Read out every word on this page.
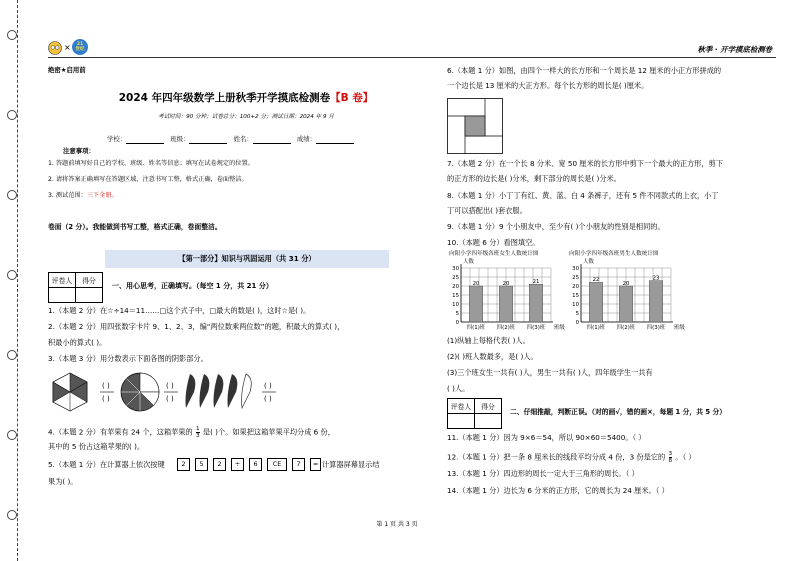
×	21
世纪	秋季 · 开学摸底检测卷
绝密★启用前
2024 年四年级数学上册秋季开学摸底检测卷【B 卷】
考试时间：90 分钟；试卷总分：100+2 分；测试日期：2024 年 9 月
学校：	班级：	姓名：	成绩：
注意事项：
1. 答题前填写好自己的学校、班级、姓名等信息；填写在试卷规定的位置。
2. 请将答案正确填写在答题区域，注意书写工整，格式正确，卷面整洁。
3. 测试范围：三下全册。
卷面（2 分）。我能做到书写工整，格式正确，卷面整洁。
【第一部分】知识与巩固运用（共 31 分）
评卷人	得分

一、用心思考，正确填写。（每空 1 分，共 21 分）
1.（本题 2 分）在☆÷14＝11……□这个式子中，□最大的数是( )，这时☆是( )。
2.（本题 2 分）用四张数字卡片 9、1、2、3，编“两位数乘两位数”的题，积最大的算式( )，
积最小的算式( )。
3.（本题 3 分）用分数表示下面各图的阴影部分。
( )
( )
( )
( )
( )
( )
4.（本题 2 分）有苹果有 24 个，这箱苹果的 $\frac{1}{3}$ 是( )个。如果把这箱苹果平均分成 6 份，
其中的 5 份占这箱苹果的( )。
5.（本题 1 分）在计算器上依次按键	2	5	2	÷	6	CE	7	= 计算器屏幕显示结
果为( )。
6.（本题 1 分）如图，由四个一样大的长方形和一个周长是 12 厘米的小正方形拼成的
一个边长是 13 厘米的大正方形。每个长方形的周长是( )厘米。
7.（本题 2 分）在一个长 8 分米、宽 50 厘米的长方形中剪下一个最大的正方形，剪下
的正方形的边长是( )分米，剩下部分的周长是( )分米。
8.（本题 1 分）小丁丁有红、黄、蓝、白 4 条裤子，还有 5 件不同款式的上衣，小丁
丁可以搭配出( )套衣服。
9.（本题 1 分）9 个小朋友中，至少有( )个小朋友的性别是相同的。
10.（本题 6 分）看图填空。
向阳小学四年级各班女生人数统计图
人数
0
5
10
15
20
25
30
20
四(1)班
20
四(2)班
21
四(3)班 班级
向阳小学四年级各班男生人数统计图
人数
0
5
10
15
20
25
30
22
四(1)班
20
四(2)班
23
四(3)班 班级
(1)纵轴上每格代表( )人。
(2)( )班人数最多，是( )人。
(3)三个班女生一共有( )人，男生一共有( )人，四年级学生一共有
( )人。
评卷人	得分

二、仔细推敲，判断正误。（对的画√，错的画×，每题 1 分，共 5 分）
11.（本题 1 分）因为 9×6＝54，所以 90×60＝5400。（ ）
12.（本题 1 分）把一条 8 厘米长的线段平均分成 4 份，3 份是它的 $\frac{3}{8}$ 。（ ）
13.（本题 1 分）四边形的周长一定大于三角形的周长。（ ）
14.（本题 1 分）边长为 6 分米的正方形，它的周长为 24 厘米。（ ）
第 1 页 共 3 页
